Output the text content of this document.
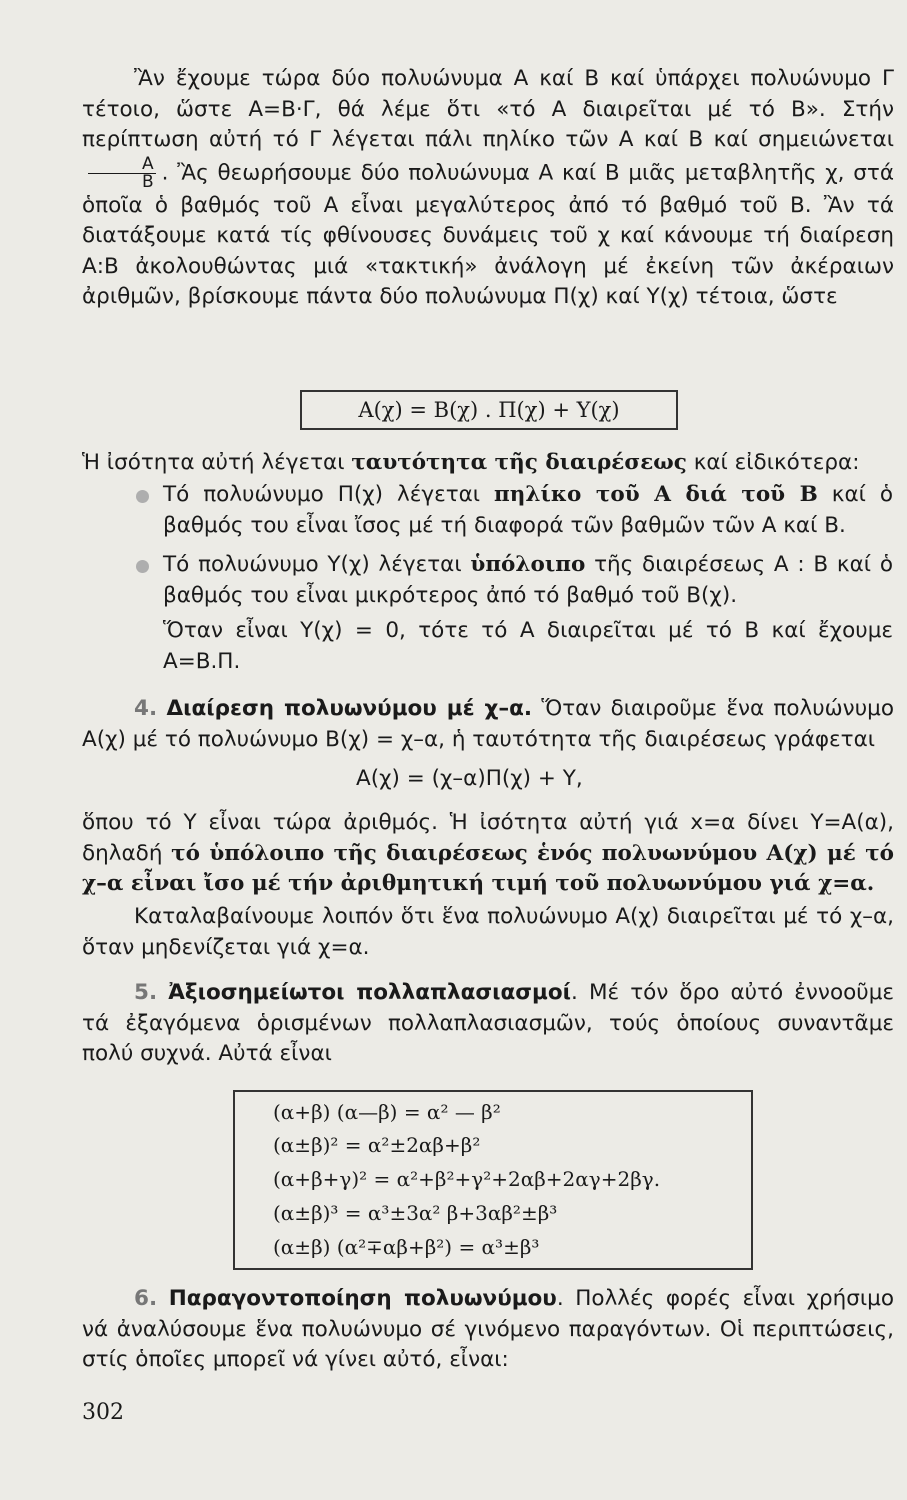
Ἂν ἔχουμε τώρα δύο πολυώνυμα Α καί Β καί ὑπάρχει πολυώνυμο Γ τέτοιο, ὥστε Α=Β·Γ, θά λέμε ὅτι «τό Α διαιρεῖται μέ τό Β». Στήν περίπτωση αὐτή τό Γ λέγεται πάλι πηλίκο τῶν Α καί Β καί σημειώνεται
$\frac{A}{B}$ . Ἂς θεωρήσουμε δύο πολυώνυμα Α καί Β μιᾶς μεταβλητῆς χ, στά ὁποῖα ὁ βαθμός τοῦ Α εἶναι μεγαλύτερος ἀπό τό βαθμό τοῦ Β. Ἂν τά διατάξουμε κατά τίς φθίνουσες δυνάμεις τοῦ χ καί κάνουμε τή διαίρεση Α:Β ἀκολουθώντας μιά «τακτική» ἀνάλογη μέ ἐκείνη τῶν ἀκέραιων ἀριθμῶν, βρίσκουμε πάντα δύο πολυώνυμα Π(χ) καί Υ(χ) τέτοια, ὥστε

Α(χ) = Β(χ) . Π(χ) + Υ(χ)

Ἡ ἰσότητα αὐτή λέγεται ταυτότητα τῆς διαιρέσεως καί εἰδικότερα:

Τό πολυώνυμο Π(χ) λέγεται πηλίκο τοῦ Α διά τοῦ Β καί ὁ βαθμός του εἶναι ἴσος μέ τή διαφορά τῶν βαθμῶν τῶν Α καί Β.

Τό πολυώνυμο Υ(χ) λέγεται ὑπόλοιπο τῆς διαιρέσεως Α : Β καί ὁ βαθμός του εἶναι μικρότερος ἀπό τό βαθμό τοῦ Β(χ).

Ὅταν εἶναι Υ(χ) = 0, τότε τό Α διαιρεῖται μέ τό Β καί ἔχουμε Α=Β.Π.

4. Διαίρεση πολυωνύμου μέ χ–α. Ὅταν διαιροῦμε ἕνα πολυώνυμο Α(χ) μέ τό πολυώνυμο Β(χ) = χ–α, ἡ ταυτότητα τῆς διαιρέσεως γράφεται

Α(χ) = (χ–α)Π(χ) + Υ,

ὅπου τό Υ εἶναι τώρα ἀριθμός. Ἡ ἰσότητα αὐτή γιά x=α δίνει Υ=Α(α), δηλαδή τό ὑπόλοιπο τῆς διαιρέσεως ἑνός πολυωνύμου Α(χ) μέ τό χ–α εἶναι ἴσο μέ τήν ἀριθμητική τιμή τοῦ πολυωνύμου γιά χ=α.

Καταλαβαίνουμε λοιπόν ὅτι ἕνα πολυώνυμο Α(χ) διαιρεῖται μέ τό χ–α, ὅταν μηδενίζεται γιά χ=α.

5. Ἀξιοσημείωτοι πολλαπλασιασμοί. Μέ τόν ὅρο αὐτό ἐννοοῦμε τά ἐξαγόμενα ὁρισμένων πολλαπλασιασμῶν, τούς ὁποίους συναντᾶμε πολύ συχνά. Αὐτά εἶναι

(α+β) (α—β) = α² — β²
(α±β)² = α²±2αβ+β²
(α+β+γ)² = α²+β²+γ²+2αβ+2αγ+2βγ.
(α±β)³ = α³±3α² β+3αβ²±β³
(α±β) (α²∓αβ+β²) = α³±β³

6. Παραγοντοποίηση πολυωνύμου. Πολλές φορές εἶναι χρήσιμο νά ἀναλύσουμε ἕνα πολυώνυμο σέ γινόμενο παραγόντων. Οἱ περιπτώσεις, στίς ὁποῖες μπορεῖ νά γίνει αὐτό, εἶναι:

302
